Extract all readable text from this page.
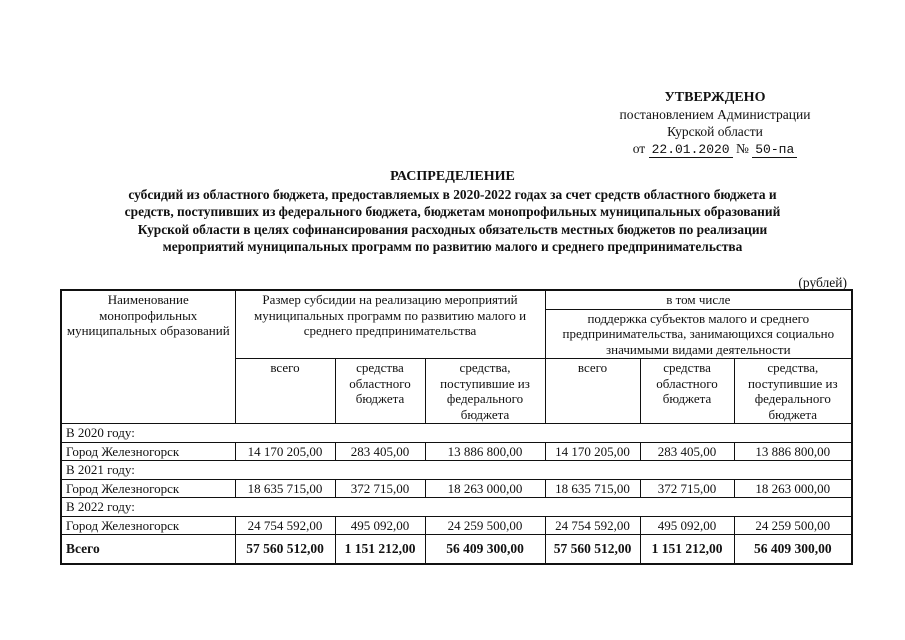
УТВЕРЖДЕНО
постановлением Администрации
Курской области
от 22.01.2020 № 50-па
РАСПРЕДЕЛЕНИЕ
субсидий из областного бюджета, предоставляемых в 2020-2022 годах за счет средств областного бюджета и
средств, поступивших из федерального бюджета, бюджетам монопрофильных муниципальных образований
Курской области в целях софинансирования расходных обязательств местных бюджетов по реализации
мероприятий муниципальных программ по развитию малого и среднего предпринимательства
(рублей)
Наименование монопрофильных муниципальных образований	Размер субсидии на реализацию мероприятий муниципальных программ по развитию малого и среднего предпринимательства			в том числе		
				поддержка субъектов малого и среднего предпринимательства, занимающихся социально значимыми видами деятельности		
	всего	средства областного бюджета	средства, поступившие из федерального бюджета	всего	средства областного бюджета	средства, поступившие из федерального бюджета
В 2020 году:						
Город Железногорск	14 170 205,00	283 405,00	13 886 800,00	14 170 205,00	283 405,00	13 886 800,00
В 2021 году:						
Город Железногорск	18 635 715,00	372 715,00	18 263 000,00	18 635 715,00	372 715,00	18 263 000,00
В 2022 году:						
Город Железногорск	24 754 592,00	495 092,00	24 259 500,00	24 754 592,00	495 092,00	24 259 500,00
Всего	57 560 512,00	1 151 212,00	56 409 300,00	57 560 512,00	1 151 212,00	56 409 300,00
